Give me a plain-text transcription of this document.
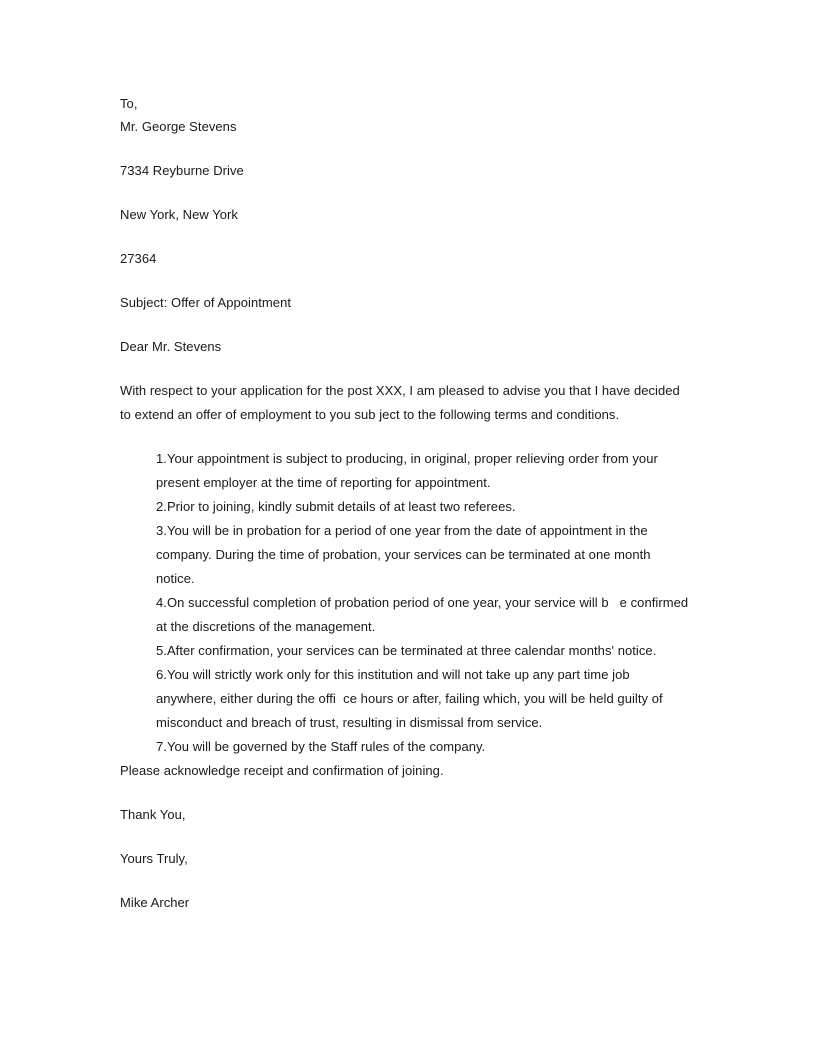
To,
Mr. George Stevens
7334 Reyburne Drive
New York, New York
27364
Subject: Offer of Appointment
Dear Mr. Stevens
With respect to your application for the post XXX, I am pleased to advise you that I have decided
to extend an offer of employment to you sub ject to the following terms and conditions.
1.Your appointment is subject to producing, in original, proper relieving order from your
present employer at the time of reporting for appointment.
2.Prior to joining, kindly submit details of at least two referees.
3.You will be in probation for a period of one year from the date of appointment in the
company. During the time of probation, your services can be terminated at one month
notice.
4.On successful completion of probation period of one year, your service will b   e confirmed
at the discretions of the management.
5.After confirmation, your services can be terminated at three calendar months' notice.
6.You will strictly work only for this institution and will not take up any part time job
anywhere, either during the offi  ce hours or after, failing which, you will be held guilty of
misconduct and breach of trust, resulting in dismissal from service.
7.You will be governed by the Staff rules of the company.
Please acknowledge receipt and confirmation of joining.
Thank You,
Yours Truly,
Mike Archer
